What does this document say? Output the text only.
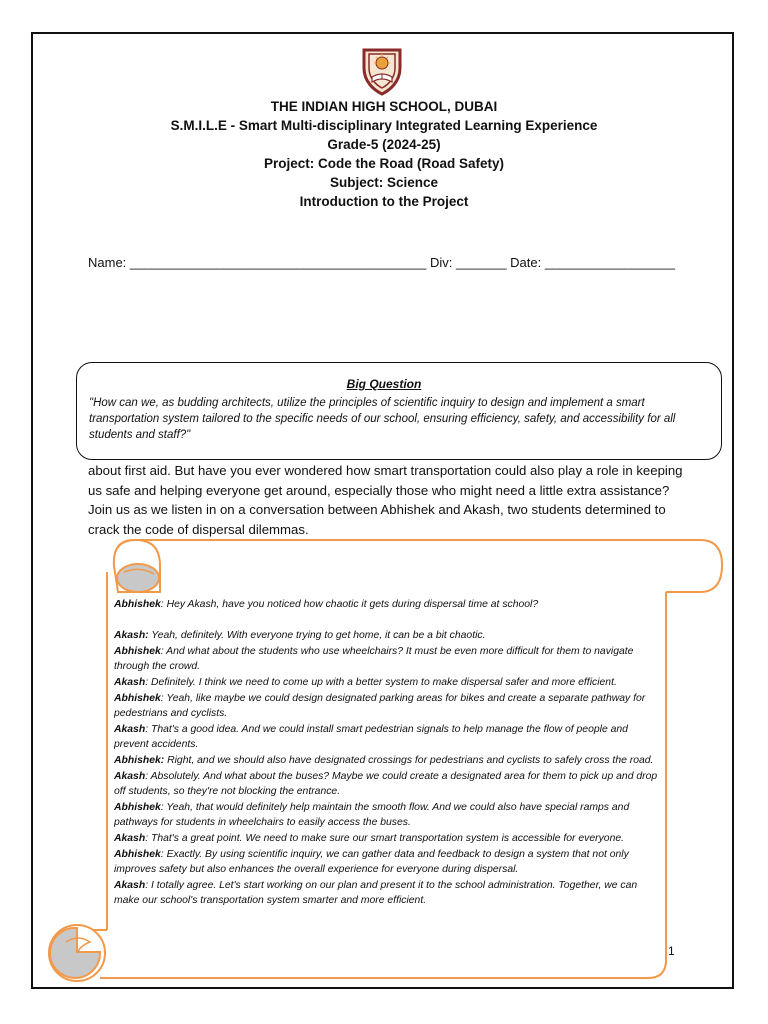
THE INDIAN HIGH SCHOOL, DUBAI
S.M.I.L.E - Smart Multi-disciplinary Integrated Learning Experience
Grade-5 (2024-25)
Project: Code the Road (Road Safety)
Subject: Science
Introduction to the Project
Name: _________________________________________ Div: _______ Date: __________________
Big Question
"How can we, as budding architects, utilize the principles of scientific inquiry to design and implement a smart transportation system tailored to the specific needs of our school, ensuring efficiency, safety, and accessibility for all students and staff?"
about first aid. But have you ever wondered how smart transportation could also play a role in keeping us safe and helping everyone get around, especially those who might need a little extra assistance? Join us as we listen in on a conversation between Abhishek and Akash, two students determined to crack the code of dispersal dilemmas.

Abhishek: Hey Akash, have you noticed how chaotic it gets during dispersal time at school?

Akash: Yeah, definitely. With everyone trying to get home, it can be a bit chaotic.

Abhishek: And what about the students who use wheelchairs? It must be even more difficult for them to navigate through the crowd.

Akash: Definitely. I think we need to come up with a better system to make dispersal safer and more efficient.

Abhishek: Yeah, like maybe we could design designated parking areas for bikes and create a separate pathway for pedestrians and cyclists.

Akash: That's a good idea. And we could install smart pedestrian signals to help manage the flow of people and prevent accidents.

Abhishek: Right, and we should also have designated crossings for pedestrians and cyclists to safely cross the road.

Akash: Absolutely. And what about the buses? Maybe we could create a designated area for them to pick up and drop off students, so they're not blocking the entrance.

Abhishek: Yeah, that would definitely help maintain the smooth flow. And we could also have special ramps and pathways for students in wheelchairs to easily access the buses.

Akash: That's a great point. We need to make sure our smart transportation system is accessible for everyone.

Abhishek: Exactly. By using scientific inquiry, we can gather data and feedback to design a system that not only improves safety but also enhances the overall experience for everyone during dispersal.

Akash: I totally agree. Let's start working on our plan and present it to the school administration. Together, we can make our school's transportation system smarter and more efficient.

1
